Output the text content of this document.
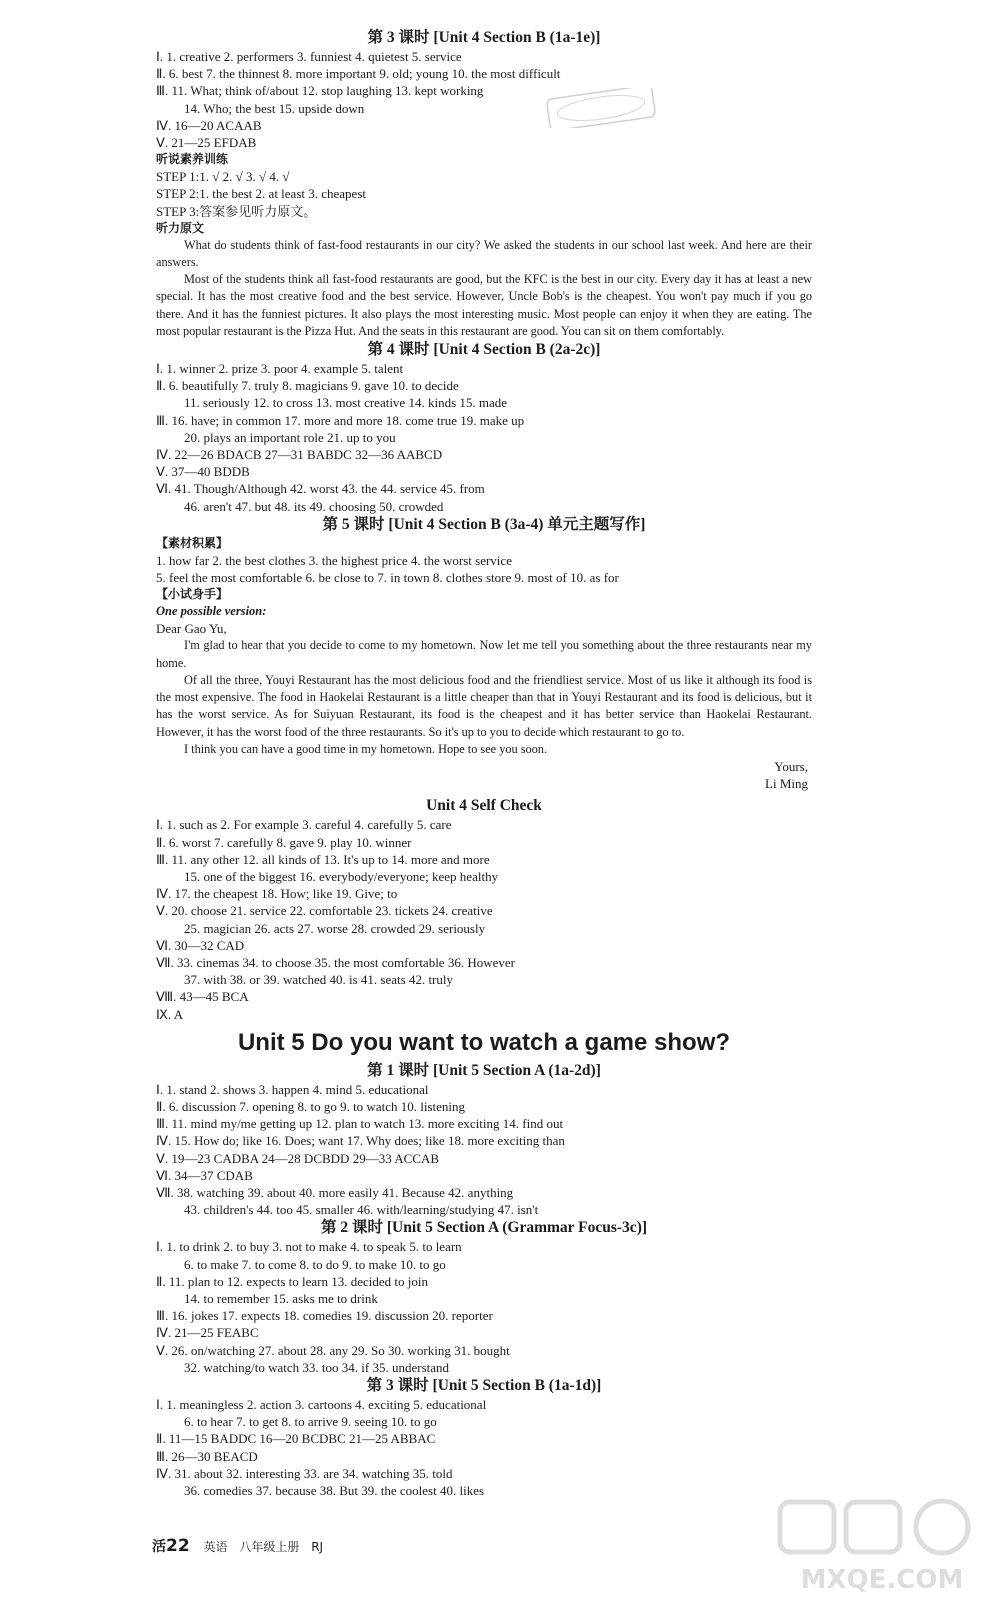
第 3 课时 [Unit 4 Section B (1a-1e)]
Ⅰ. 1. creative 2. performers 3. funniest 4. quietest 5. service
Ⅱ. 6. best 7. the thinnest 8. more important 9. old; young 10. the most difficult
Ⅲ. 11. What; think of/about 12. stop laughing 13. kept working
14. Who; the best 15. upside down
Ⅳ. 16—20 ACAAB
Ⅴ. 21—25 EFDAB
听说素养训练
STEP 1:1. √ 2. √ 3. √ 4. √
STEP 2:1. the best 2. at least 3. cheapest
STEP 3:答案参见听力原文。
听力原文
What do students think of fast-food restaurants in our city? We asked the students in our school last week. And here are their answers.
Most of the students think all fast-food restaurants are good, but the KFC is the best in our city. Every day it has at least a new special. It has the most creative food and the best service. However, Uncle Bob's is the cheapest. You won't pay much if you go there. And it has the funniest pictures. It also plays the most interesting music. Most people can enjoy it when they are eating. The most popular restaurant is the Pizza Hut. And the seats in this restaurant are good. You can sit on them comfortably.
第 4 课时 [Unit 4 Section B (2a-2c)]
Ⅰ. 1. winner 2. prize 3. poor 4. example 5. talent
Ⅱ. 6. beautifully 7. truly 8. magicians 9. gave 10. to decide
11. seriously 12. to cross 13. most creative 14. kinds 15. made
Ⅲ. 16. have; in common 17. more and more 18. come true 19. make up
20. plays an important role 21. up to you
Ⅳ. 22—26 BDACB 27—31 BABDC 32—36 AABCD
Ⅴ. 37—40 BDDB
Ⅵ. 41. Though/Although 42. worst 43. the 44. service 45. from
46. aren't 47. but 48. its 49. choosing 50. crowded
第 5 课时 [Unit 4 Section B (3a-4) 单元主题写作]
【素材积累】
1. how far 2. the best clothes 3. the highest price 4. the worst service
5. feel the most comfortable 6. be close to 7. in town 8. clothes store 9. most of 10. as for
【小试身手】
One possible version:
Dear Gao Yu,
I'm glad to hear that you decide to come to my hometown. Now let me tell you something about the three restaurants near my home.
Of all the three, Youyi Restaurant has the most delicious food and the friendliest service. Most of us like it although its food is the most expensive. The food in Haokelai Restaurant is a little cheaper than that in Youyi Restaurant and its food is delicious, but it has the worst service. As for Suiyuan Restaurant, its food is the cheapest and it has better service than Haokelai Restaurant. However, it has the worst food of the three restaurants. So it's up to you to decide which restaurant to go to.
I think you can have a good time in my hometown. Hope to see you soon.
Yours,
Li Ming
Unit 4 Self Check
Ⅰ. 1. such as 2. For example 3. careful 4. carefully 5. care
Ⅱ. 6. worst 7. carefully 8. gave 9. play 10. winner
Ⅲ. 11. any other 12. all kinds of 13. It's up to 14. more and more
15. one of the biggest 16. everybody/everyone; keep healthy
Ⅳ. 17. the cheapest 18. How; like 19. Give; to
Ⅴ. 20. choose 21. service 22. comfortable 23. tickets 24. creative
25. magician 26. acts 27. worse 28. crowded 29. seriously
Ⅵ. 30—32 CAD
Ⅶ. 33. cinemas 34. to choose 35. the most comfortable 36. However
37. with 38. or 39. watched 40. is 41. seats 42. truly
Ⅷ. 43—45 BCA
Ⅸ. A
Unit 5 Do you want to watch a game show?
第 1 课时 [Unit 5 Section A (1a-2d)]
Ⅰ. 1. stand 2. shows 3. happen 4. mind 5. educational
Ⅱ. 6. discussion 7. opening 8. to go 9. to watch 10. listening
Ⅲ. 11. mind my/me getting up 12. plan to watch 13. more exciting 14. find out
Ⅳ. 15. How do; like 16. Does; want 17. Why does; like 18. more exciting than
Ⅴ. 19—23 CADBA 24—28 DCBDD 29—33 ACCAB
Ⅵ. 34—37 CDAB
Ⅶ. 38. watching 39. about 40. more easily 41. Because 42. anything
43. children's 44. too 45. smaller 46. with/learning/studying 47. isn't
第 2 课时 [Unit 5 Section A (Grammar Focus-3c)]
Ⅰ. 1. to drink 2. to buy 3. not to make 4. to speak 5. to learn
6. to make 7. to come 8. to do 9. to make 10. to go
Ⅱ. 11. plan to 12. expects to learn 13. decided to join
14. to remember 15. asks me to drink
Ⅲ. 16. jokes 17. expects 18. comedies 19. discussion 20. reporter
Ⅳ. 21—25 FEABC
Ⅴ. 26. on/watching 27. about 28. any 29. So 30. working 31. bought
32. watching/to watch 33. too 34. if 35. understand
第 3 课时 [Unit 5 Section B (1a-1d)]
Ⅰ. 1. meaningless 2. action 3. cartoons 4. exciting 5. educational
6. to hear 7. to get 8. to arrive 9. seeing 10. to go
Ⅱ. 11—15 BADDC 16—20 BCDBC 21—25 ABBAC
Ⅲ. 26—30 BEACD
Ⅳ. 31. about 32. interesting 33. are 34. watching 35. told
36. comedies 37. because 38. But 39. the coolest 40. likes
活22 英语 八年级上册 RJ
MXQE.COM
